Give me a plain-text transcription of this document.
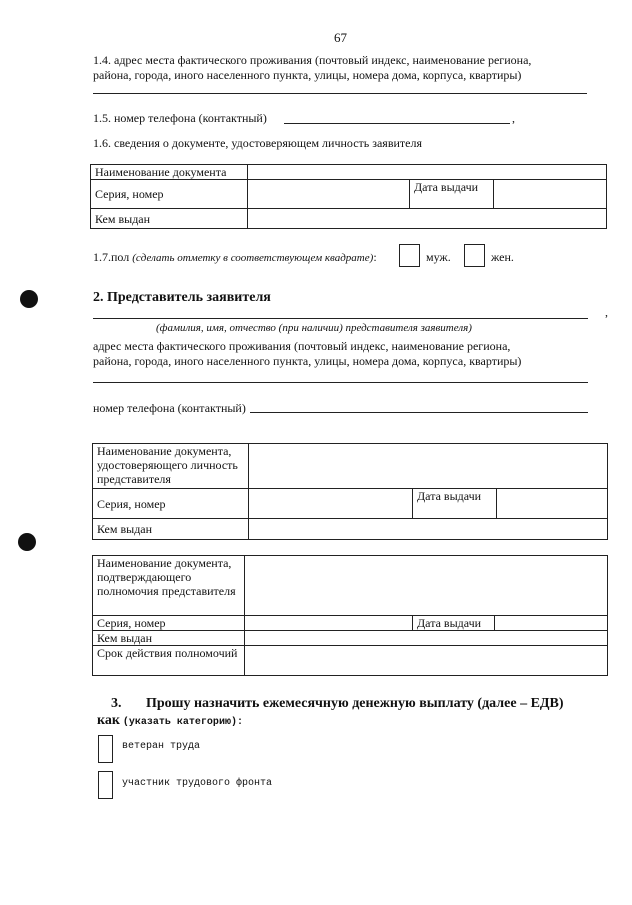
67
1.4. адрес места фактического проживания (почтовый индекс, наименование региона,
района, города, иного населенного пункта, улицы, номера дома, корпуса, квартиры)
1.5. номер телефона (контактный)	,
1.6. сведения о документе, удостоверяющем личность заявителя
Наименование документа			
Серия, номер		Дата выдачи	
Кем выдан			
1.7.пол (сделать отметку в соответствующем квадрате):	муж.	жен.
2. Представитель заявителя
,
(фамилия, имя, отчество (при наличии) представителя заявителя)
адрес места фактического проживания (почтовый индекс, наименование региона,
района, города, иного населенного пункта, улицы, номера дома, корпуса, квартиры)
номер телефона (контактный)
Наименование документа, удостоверяющего личность представителя			
Серия, номер		Дата выдачи	
Кем выдан			
Наименование документа, подтверждающего полномочия представителя			
Серия, номер		Дата выдачи	
Кем выдан			
Срок действия полномочий			
3. Прошу назначить ежемесячную денежную выплату (далее – ЕДВ)
как (указать категорию):
ветеран труда
участник трудового фронта
